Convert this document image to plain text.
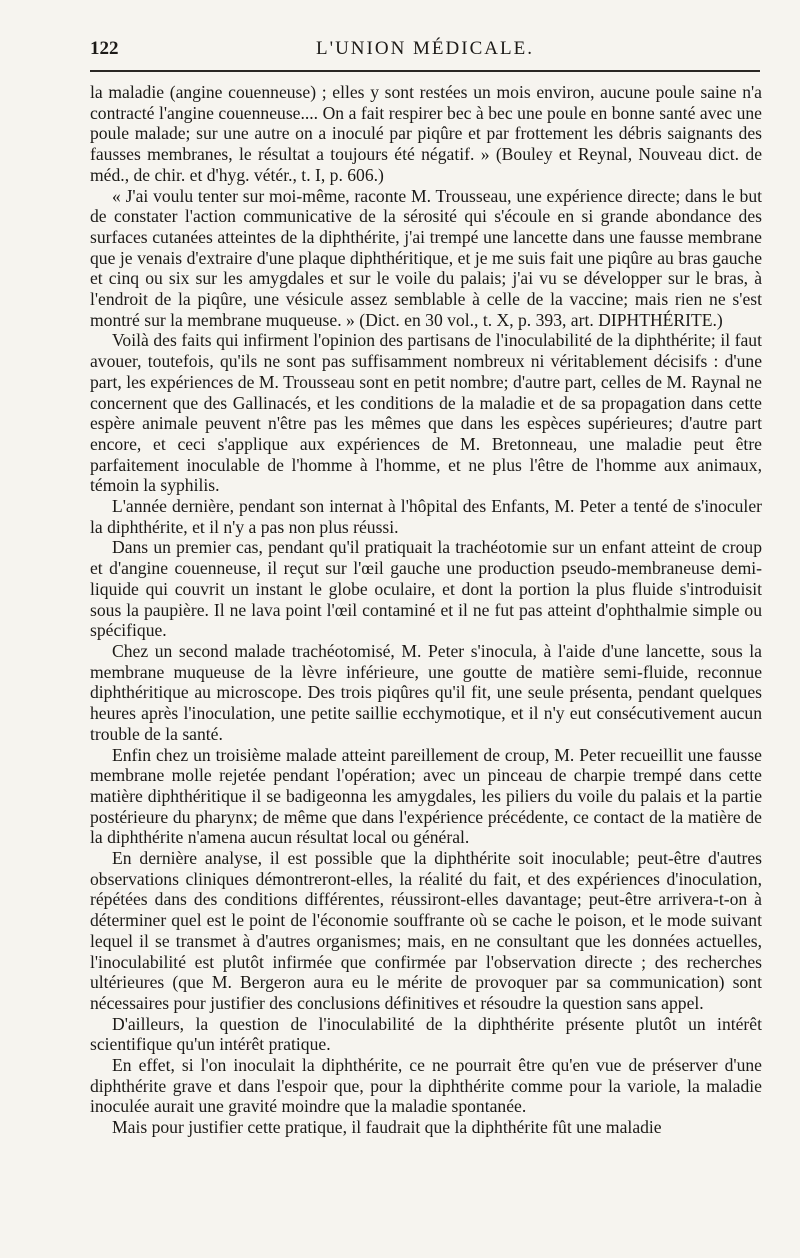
122	L'UNION MÉDICALE.

la maladie (angine couenneuse) ; elles y sont restées un mois environ, aucune poule saine n'a contracté l'angine couenneuse.... On a fait respirer bec à bec une poule en bonne santé avec une poule malade; sur une autre on a inoculé par piqûre et par frottement les débris saignants des fausses membranes, le résultat a toujours été négatif. » (Bouley et Reynal, Nouveau dict. de méd., de chir. et d'hyg. vétér., t. I, p. 606.)

« J'ai voulu tenter sur moi-même, raconte M. Trousseau, une expérience directe; dans le but de constater l'action communicative de la sérosité qui s'écoule en si grande abondance des surfaces cutanées atteintes de la diphthérite, j'ai trempé une lancette dans une fausse membrane que je venais d'extraire d'une plaque diphthéritique, et je me suis fait une piqûre au bras gauche et cinq ou six sur les amygdales et sur le voile du palais; j'ai vu se développer sur le bras, à l'endroit de la piqûre, une vésicule assez semblable à celle de la vaccine; mais rien ne s'est montré sur la membrane muqueuse. » (Dict. en 30 vol., t. X, p. 393, art. DIPHTHÉRITE.)

Voilà des faits qui infirment l'opinion des partisans de l'inoculabilité de la diphthérite; il faut avouer, toutefois, qu'ils ne sont pas suffisamment nombreux ni véritablement décisifs : d'une part, les expériences de M. Trousseau sont en petit nombre; d'autre part, celles de M. Raynal ne concernent que des Gallinacés, et les conditions de la maladie et de sa propagation dans cette espère animale peuvent n'être pas les mêmes que dans les espèces supérieures; d'autre part encore, et ceci s'applique aux expériences de M. Bretonneau, une maladie peut être parfaitement inoculable de l'homme à l'homme, et ne plus l'être de l'homme aux animaux, témoin la syphilis.

L'année dernière, pendant son internat à l'hôpital des Enfants, M. Peter a tenté de s'inoculer la diphthérite, et il n'y a pas non plus réussi.

Dans un premier cas, pendant qu'il pratiquait la trachéotomie sur un enfant atteint de croup et d'angine couenneuse, il reçut sur l'œil gauche une production pseudo-membraneuse demi-liquide qui couvrit un instant le globe oculaire, et dont la portion la plus fluide s'introduisit sous la paupière. Il ne lava point l'œil contaminé et il ne fut pas atteint d'ophthalmie simple ou spécifique.

Chez un second malade trachéotomisé, M. Peter s'inocula, à l'aide d'une lancette, sous la membrane muqueuse de la lèvre inférieure, une goutte de matière semi-fluide, reconnue diphthéritique au microscope. Des trois piqûres qu'il fit, une seule présenta, pendant quelques heures après l'inoculation, une petite saillie ecchymotique, et il n'y eut consécutivement aucun trouble de la santé.

Enfin chez un troisième malade atteint pareillement de croup, M. Peter recueillit une fausse membrane molle rejetée pendant l'opération; avec un pinceau de charpie trempé dans cette matière diphthéritique il se badigeonna les amygdales, les piliers du voile du palais et la partie postérieure du pharynx; de même que dans l'expérience précédente, ce contact de la matière de la diphthérite n'amena aucun résultat local ou général.

En dernière analyse, il est possible que la diphthérite soit inoculable; peut-être d'autres observations cliniques démontreront-elles, la réalité du fait, et des expériences d'inoculation, répétées dans des conditions différentes, réussiront-elles davantage; peut-être arrivera-t-on à déterminer quel est le point de l'économie souffrante où se cache le poison, et le mode suivant lequel il se transmet à d'autres organismes; mais, en ne consultant que les données actuelles, l'inoculabilité est plutôt infirmée que confirmée par l'observation directe ; des recherches ultérieures (que M. Bergeron aura eu le mérite de provoquer par sa communication) sont nécessaires pour justifier des conclusions définitives et résoudre la question sans appel.

D'ailleurs, la question de l'inoculabilité de la diphthérite présente plutôt un intérêt scientifique qu'un intérêt pratique.

En effet, si l'on inoculait la diphthérite, ce ne pourrait être qu'en vue de préserver d'une diphthérite grave et dans l'espoir que, pour la diphthérite comme pour la variole, la maladie inoculée aurait une gravité moindre que la maladie spontanée.

Mais pour justifier cette pratique, il faudrait que la diphthérite fût une maladie
